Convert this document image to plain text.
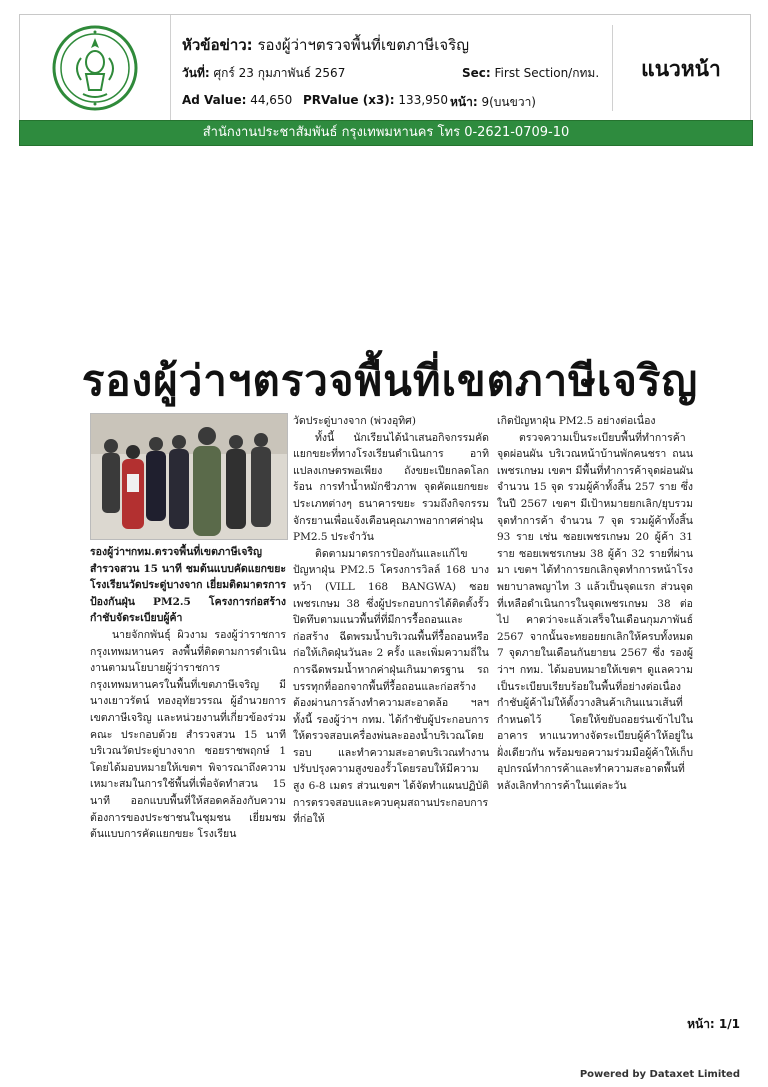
หัวข้อข่าว: รองผู้ว่าฯตรวจพื้นที่เขตภาษีเจริญ
วันที่: ศุกร์ 23 กุมภาพันธ์ 2567	Sec: First Section/กทม.
Ad Value: 44,650 PRValue (x3): 133,950 หน้า: 9(บนขวา)
แนวหน้า
สำนักงานประชาสัมพันธ์ กรุงเทพมหานคร โทร 0-2621-0709-10
รองผู้ว่าฯตรวจพื้นที่เขตภาษีเจริญ

รองผู้ว่าฯกทม.ตรวจพื้นที่เขตภาษีเจริญ สำรวจสวน 15 นาที ชมต้นแบบคัดแยกขยะ โรงเรียนวัดประดู่บางจาก เยี่ยมติดมาตรการป้องกันฝุ่น PM2.5 โครงการก่อสร้าง กำชับจัดระเบียบผู้ค้า

นายจักกพันธุ์ ผิวงาม รองผู้ว่าราชการกรุงเทพมหานคร ลงพื้นที่ติดตามการดำเนินงานตามนโยบายผู้ว่าราชการกรุงเทพมหานครในพื้นที่เขตภาษีเจริญ มี นางเยาวรัตน์ ทองอุทัยวรรณ ผู้อำนวยการเขตภาษีเจริญ และหน่วยงานที่เกี่ยวข้องร่วมคณะ ประกอบด้วย สำรวจสวน 15 นาที บริเวณวัดประดู่บางจาก ซอยราชพฤกษ์ 1 โดยได้มอบหมายให้เขตฯ พิจารณาถึงความเหมาะสมในการใช้พื้นที่เพื่อจัดทำสวน 15 นาที ออกแบบพื้นที่ให้สอดคล้องกับความต้องการของประชาชนในชุมชน เยี่ยมชมต้นแบบการคัดแยกขยะ โรงเรียน

วัดประดู่บางจาก (พ่วงอุทิศ)

ทั้งนี้ นักเรียนได้นำเสนอกิจกรรมคัดแยกขยะที่ทางโรงเรียนดำเนินการ อาทิ แปลงเกษตรพอเพียง ถังขยะเปียกลดโลกร้อน การทำน้ำหมักชีวภาพ จุดคัดแยกขยะประเภทต่างๆ ธนาคารขยะ รวมถึงกิจกรรมจักรยานเพื่อแจ้งเตือนคุณภาพอากาศค่าฝุ่น PM2.5 ประจำวัน

ติดตามมาตรการป้องกันและแก้ไขปัญหาฝุ่น PM2.5 โครงการวิลล์ 168 บางหว้า (VILL 168 BANGWA) ซอยเพชรเกษม 38 ซึ่งผู้ประกอบการได้ติดตั้งรั้วปิดทึบตามแนวพื้นที่ที่มีการรื้อถอนและก่อสร้าง ฉีดพรมน้ำบริเวณพื้นที่รื้อถอนหรือก่อให้เกิดฝุ่นวันละ 2 ครั้ง และเพิ่มความถี่ในการฉีดพรมน้ำหากค่าฝุ่นเกินมาตรฐาน รถบรรทุกที่ออกจากพื้นที่รื้อถอนและก่อสร้างต้องผ่านการล้างทำความสะอาดล้อ ฯลฯ ทั้งนี้ รองผู้ว่าฯ กทม. ได้กำชับผู้ประกอบการให้ตรวจสอบเครื่องพ่นละอองน้ำบริเวณโดยรอบ และทำความสะอาดบริเวณทำงาน ปรับปรุงความสูงของรั้วโดยรอบให้มีความสูง 6-8 เมตร ส่วนเขตฯ ได้จัดทำแผนปฏิบัติการตรวจสอบและควบคุมสถานประกอบการที่ก่อให้

เกิดปัญหาฝุ่น PM2.5 อย่างต่อเนื่อง

ตรวจความเป็นระเบียบพื้นที่ทำการค้าจุดผ่อนผัน บริเวณหน้าบ้านพักคนชรา ถนนเพชรเกษม เขตฯ มีพื้นที่ทำการค้าจุดผ่อนผัน จำนวน 15 จุด รวมผู้ค้าทั้งสิ้น 257 ราย ซึ่งในปี 2567 เขตฯ มีเป้าหมายยกเลิก/ยุบรวมจุดทำการค้า จำนวน 7 จุด รวมผู้ค้าทั้งสิ้น 93 ราย เช่น ซอยเพชรเกษม 20 ผู้ค้า 31 ราย ซอยเพชรเกษม 38 ผู้ค้า 32 รายที่ผ่านมา เขตฯ ได้ทำการยกเลิกจุดทำการหน้าโรงพยาบาลพญาไท 3 แล้วเป็นจุดแรก ส่วนจุดที่เหลือดำเนินการในจุดเพชรเกษม 38 ต่อไป คาดว่าจะแล้วเสร็จในเดือนกุมภาพันธ์ 2567 จากนั้นจะทยอยยกเลิกให้ครบทั้งหมด 7 จุดภายในเดือนกันยายน 2567 ซึ่ง รองผู้ว่าฯ กทม. ได้มอบหมายให้เขตฯ ดูแลความเป็นระเบียบเรียบร้อยในพื้นที่อย่างต่อเนื่อง กำชับผู้ค้าไม่ให้ตั้งวางสินค้าเกินแนวเส้นที่กำหนดไว้ โดยให้ขยับถอยร่นเข้าไปในอาคาร หาแนวทางจัดระเบียบผู้ค้าให้อยู่ในฝั่งเดียวกัน พร้อมขอความร่วมมือผู้ค้าให้เก็บอุปกรณ์ทำการค้าและทำความสะอาดพื้นที่หลังเลิกทำการค้าในแต่ละวัน

หน้า: 1/1
Powered by Dataxet Limited
